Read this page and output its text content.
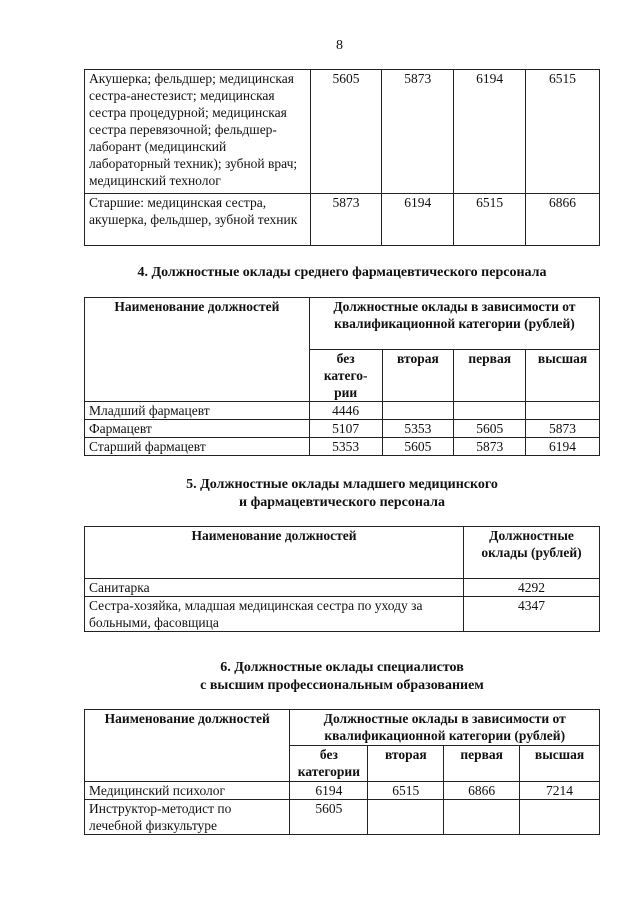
8
Акушерка; фельдшер; медицинская сестра-анестезист; медицинская сестра процедурной; медицинская сестра перевязочной; фельдшер-лаборант (медицинский лабораторный техник); зубной врач; медицинский технолог	5605	5873	6194	6515
Старшие: медицинская сестра, акушерка, фельдшер, зубной техник	5873	6194	6515	6866
4. Должностные оклады среднего фармацевтического персонала
Наименование должностей	Должностные оклады в зависимости от квалификационной категории (рублей)			
	без катего-рии	вторая	первая	высшая
Младший фармацевт	4446			
Фармацевт	5107	5353	5605	5873
Старший фармацевт	5353	5605	5873	6194
5. Должностные оклады младшего медицинского
и фармацевтического персонала
Наименование должностей	Должностные оклады (рублей)
Санитарка	4292
Сестра-хозяйка, младшая медицинская сестра по уходу за больными, фасовщица	4347
6. Должностные оклады специалистов
с высшим профессиональным образованием
Наименование должностей	Должностные оклады в зависимости от квалификационной категории (рублей)			
	без категории	вторая	первая	высшая
Медицинский психолог	6194	6515	6866	7214
Инструктор-методист по лечебной физкультуре	5605			
